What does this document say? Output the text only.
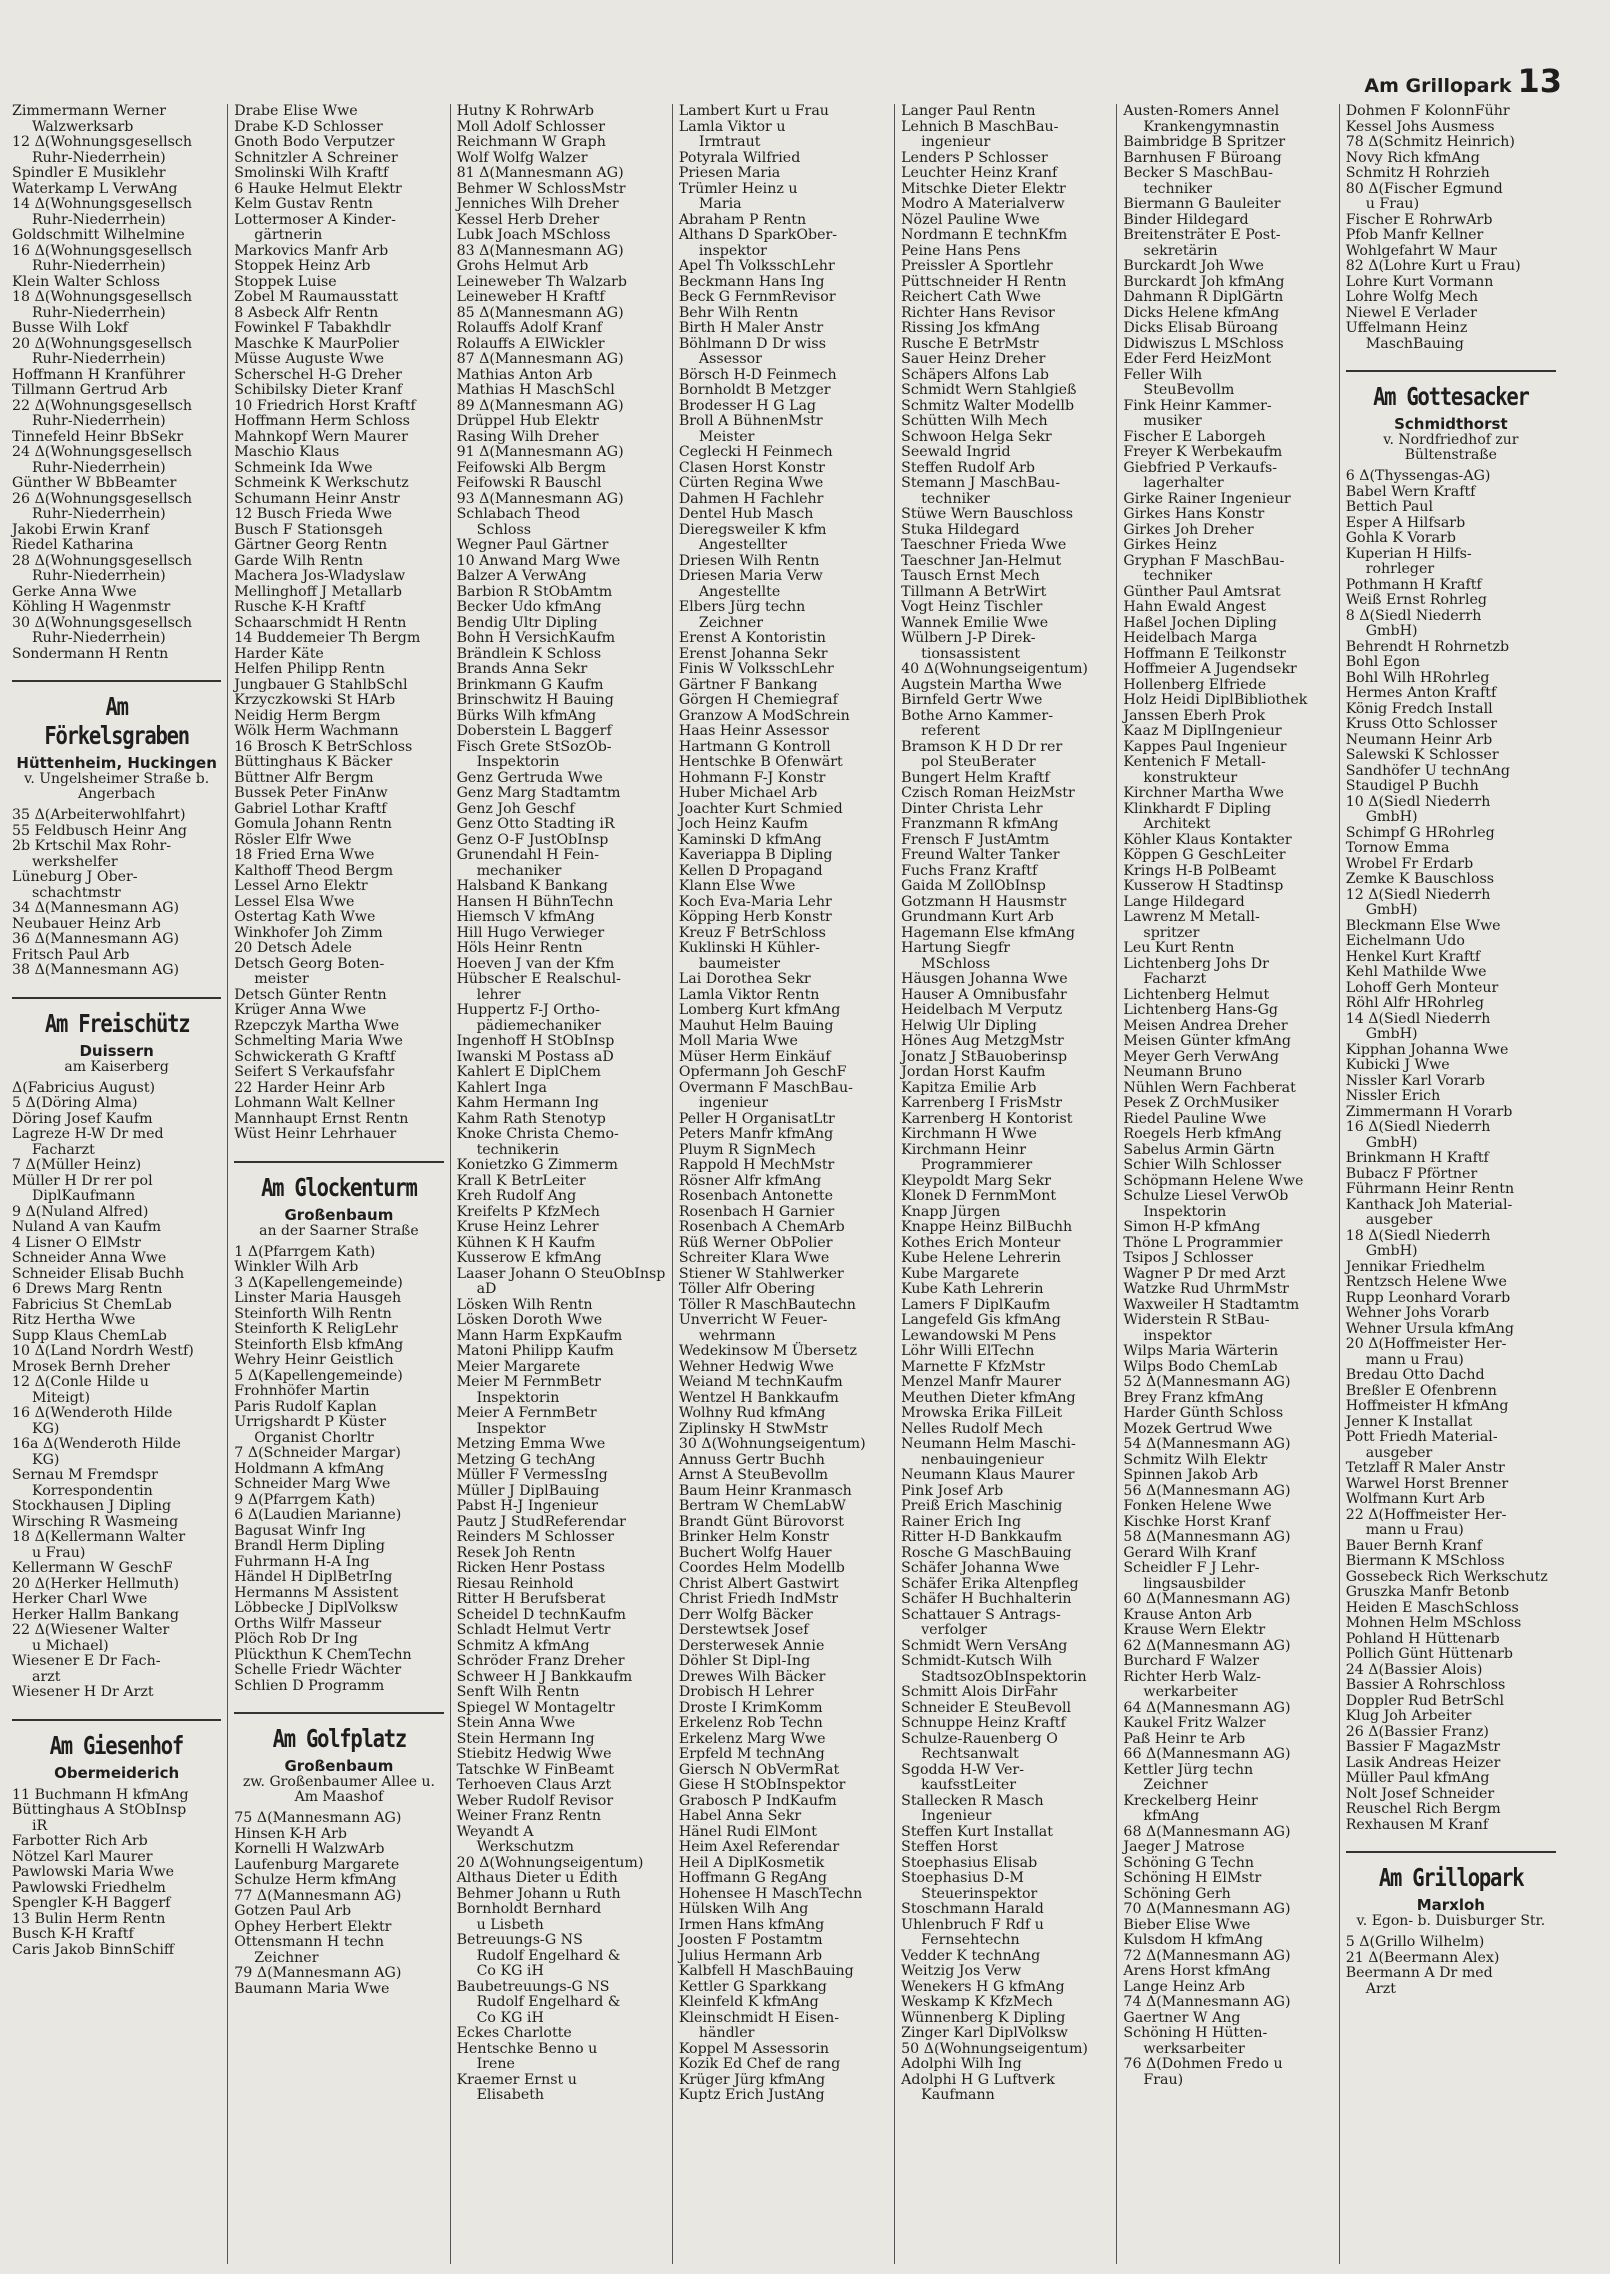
Am Grillopark 13
Zimmermann Werner
Walzwerksarb
12 Δ(Wohnungsgesellsch
Ruhr-Niederrhein)
Spindler E Musiklehr
Waterkamp L VerwAng
14 Δ(Wohnungsgesellsch
Ruhr-Niederrhein)
Goldschmitt Wilhelmine
16 Δ(Wohnungsgesellsch
Ruhr-Niederrhein)
Klein Walter Schloss
18 Δ(Wohnungsgesellsch
Ruhr-Niederrhein)
Busse Wilh Lokf
20 Δ(Wohnungsgesellsch
Ruhr-Niederrhein)
Hoffmann H Kranführer
Tillmann Gertrud Arb
22 Δ(Wohnungsgesellsch
Ruhr-Niederrhein)
Tinnefeld Heinr BbSekr
24 Δ(Wohnungsgesellsch
Ruhr-Niederrhein)
Günther W BbBeamter
26 Δ(Wohnungsgesellsch
Ruhr-Niederrhein)
Jakobi Erwin Kranf
Riedel Katharina
28 Δ(Wohnungsgesellsch
Ruhr-Niederrhein)
Gerke Anna Wwe
Köhling H Wagenmstr
30 Δ(Wohnungsgesellsch
Ruhr-Niederrhein)
Sondermann H Rentn
Am Förkelsgraben
Hüttenheim, Huckingen
v. Ungelsheimer Straße b.
Angerbach
35 Δ(Arbeiterwohlfahrt)
55 Feldbusch Heinr Ang
2b Krtschil Max Rohr-
werkshelfer
Lüneburg J Ober-
schachtmstr
34 Δ(Mannesmann AG)
Neubauer Heinz Arb
36 Δ(Mannesmann AG)
Fritsch Paul Arb
38 Δ(Mannesmann AG)
Am Freischütz
Duissern
am Kaiserberg
Δ(Fabricius August)
5 Δ(Döring Alma)
Döring Josef Kaufm
Lagreze H-W Dr med
Facharzt
7 Δ(Müller Heinz)
Müller H Dr rer pol
DiplKaufmann
9 Δ(Nuland Alfred)
Nuland A van Kaufm
4 Lisner O ElMstr
Schneider Anna Wwe
Schneider Elisab Buchh
6 Drews Marg Rentn
Fabricius St ChemLab
Ritz Hertha Wwe
Supp Klaus ChemLab
10 Δ(Land Nordrh Westf)
Mrosek Bernh Dreher
12 Δ(Conle Hilde u
Miteigt)
16 Δ(Wenderoth Hilde
KG)
16a Δ(Wenderoth Hilde
KG)
Sernau M Fremdspr
Korrespondentin
Stockhausen J Dipling
Wirsching R Wasmeing
18 Δ(Kellermann Walter
u Frau)
Kellermann W GeschF
20 Δ(Herker Hellmuth)
Herker Charl Wwe
Herker Hallm Bankang
22 Δ(Wiesener Walter
u Michael)
Wiesener E Dr Fach-
arzt
Wiesener H Dr Arzt
Am Giesenhof
Obermeiderich
11 Buchmann H kfmAng
Büttinghaus A StObInsp
iR
Farbotter Rich Arb
Nötzel Karl Maurer
Pawlowski Maria Wwe
Pawlowski Friedhelm
Spengler K-H Baggerf
13 Bulin Herm Rentn
Busch K-H Kraftf
Caris Jakob BinnSchiff
Drabe Elise Wwe
Drabe K-D Schlosser
Gnoth Bodo Verputzer
Schnitzler A Schreiner
Smolinski Wilh Kraftf
6 Hauke Helmut Elektr
Kelm Gustav Rentn
Lottermoser A Kinder-
gärtnerin
Markovics Manfr Arb
Stoppek Heinz Arb
Stoppek Luise
Zobel M Raumausstatt
8 Asbeck Alfr Rentn
Fowinkel F Tabakhdlr
Maschke K MaurPolier
Müsse Auguste Wwe
Scherschel H-G Dreher
Schibilsky Dieter Kranf
10 Friedrich Horst Kraftf
Hoffmann Herm Schloss
Mahnkopf Wern Maurer
Maschio Klaus
Schmeink Ida Wwe
Schmeink K Werkschutz
Schumann Heinr Anstr
12 Busch Frieda Wwe
Busch F Stationsgeh
Gärtner Georg Rentn
Garde Wilh Rentn
Machera Jos-Wladyslaw
Mellinghoff J Metallarb
Rusche K-H Kraftf
Schaarschmidt H Rentn
14 Buddemeier Th Bergm
Harder Käte
Helfen Philipp Rentn
Jungbauer G StahlbSchl
Krzyczkowski St HArb
Neidig Herm Bergm
Wölk Herm Wachmann
16 Brosch K BetrSchloss
Büttinghaus K Bäcker
Büttner Alfr Bergm
Bussek Peter FinAnw
Gabriel Lothar Kraftf
Gomula Johann Rentn
Rösler Elfr Wwe
18 Fried Erna Wwe
Kalthoff Theod Bergm
Lessel Arno Elektr
Lessel Elsa Wwe
Ostertag Kath Wwe
Winkhofer Joh Zimm
20 Detsch Adele
Detsch Georg Boten-
meister
Detsch Günter Rentn
Krüger Anna Wwe
Rzepczyk Martha Wwe
Schmelting Maria Wwe
Schwickerath G Kraftf
Seifert S Verkaufsfahr
22 Harder Heinr Arb
Lohmann Walt Kellner
Mannhaupt Ernst Rentn
Wüst Heinr Lehrhauer
Am Glockenturm
Großenbaum
an der Saarner Straße
1 Δ(Pfarrgem Kath)
Winkler Wilh Arb
3 Δ(Kapellengemeinde)
Linster Maria Hausgeh
Steinforth Wilh Rentn
Steinforth K ReligLehr
Steinforth Elsb kfmAng
Wehry Heinr Geistlich
5 Δ(Kapellengemeinde)
Frohnhöfer Martin
Paris Rudolf Kaplan
Urrigshardt P Küster
Organist Chorltr
7 Δ(Schneider Margar)
Holdmann A kfmAng
Schneider Marg Wwe
9 Δ(Pfarrgem Kath)
6 Δ(Laudien Marianne)
Bagusat Winfr Ing
Brandl Herm Dipling
Fuhrmann H-A Ing
Händel H DiplBetrIng
Hermanns M Assistent
Löbbecke J DiplVolksw
Orths Wilfr Masseur
Plöch Rob Dr Ing
Plückthun K ChemTechn
Schelle Friedr Wächter
Schlien D Programm
Am Golfplatz
Großenbaum
zw. Großenbaumer Allee u.
Am Maashof
75 Δ(Mannesmann AG)
Hinsen K-H Arb
Kornelli H WalzwArb
Laufenburg Margarete
Schulze Herm kfmAng
77 Δ(Mannesmann AG)
Gotzen Paul Arb
Ophey Herbert Elektr
Ottensmann H techn
Zeichner
79 Δ(Mannesmann AG)
Baumann Maria Wwe
Hutny K RohrwArb
Moll Adolf Schlosser
Reichmann W Graph
Wolf Wolfg Walzer
81 Δ(Mannesmann AG)
Behmer W SchlossMstr
Jenniches Wilh Dreher
Kessel Herb Dreher
Lubk Joach MSchloss
83 Δ(Mannesmann AG)
Grohs Helmut Arb
Leineweber Th Walzarb
Leineweber H Kraftf
85 Δ(Mannesmann AG)
Rolauffs Adolf Kranf
Rolauffs A ElWickler
87 Δ(Mannesmann AG)
Mathias Anton Arb
Mathias H MaschSchl
89 Δ(Mannesmann AG)
Drüppel Hub Elektr
Rasing Wilh Dreher
91 Δ(Mannesmann AG)
Feifowski Alb Bergm
Feifowski R Bauschl
93 Δ(Mannesmann AG)
Schlabach Theod
Schloss
Wegner Paul Gärtner
10 Anwand Marg Wwe
Balzer A VerwAng
Barbion R StObAmtm
Becker Udo kfmAng
Bendig Ultr Dipling
Bohn H VersichKaufm
Brändlein K Schloss
Brands Anna Sekr
Brinkmann G Kaufm
Brinschwitz H Bauing
Bürks Wilh kfmAng
Doberstein L Baggerf
Fisch Grete StSozOb-
Inspektorin
Genz Gertruda Wwe
Genz Marg Stadtamtm
Genz Joh Geschf
Genz Otto Stadting iR
Genz O-F JustObInsp
Grunendahl H Fein-
mechaniker
Halsband K Bankang
Hansen H BühnTechn
Hiemsch V kfmAng
Hill Hugo Verwieger
Höls Heinr Rentn
Hoeven J van der Kfm
Hübscher E Realschul-
lehrer
Huppertz F-J Ortho-
pädiemechaniker
Ingenhoff H StObInsp
Iwanski M Postass aD
Kahlert E DiplChem
Kahlert Inga
Kahm Hermann Ing
Kahm Rath Stenotyp
Knoke Christa Chemo-
technikerin
Konietzko G Zimmerm
Krall K BetrLeiter
Kreh Rudolf Ang
Kreifelts P KfzMech
Kruse Heinz Lehrer
Kühnen K H Kaufm
Kusserow E kfmAng
Laaser Johann O SteuObInsp
aD
Lösken Wilh Rentn
Lösken Doroth Wwe
Mann Harm ExpKaufm
Matoni Philipp Kaufm
Meier Margarete
Meier M FernmBetr
Inspektorin
Meier A FernmBetr
Inspektor
Metzing Emma Wwe
Metzing G techAng
Müller F VermessIng
Müller J DiplBauing
Pabst H-J Ingenieur
Pautz J StudReferendar
Reinders M Schlosser
Resek Joh Rentn
Ricken Henr Postass
Riesau Reinhold
Ritter H Berufsberat
Scheidel D technKaufm
Schladt Helmut Vertr
Schmitz A kfmAng
Schröder Franz Dreher
Schweer H J Bankkaufm
Senft Wilh Rentn
Spiegel W Montageltr
Stein Anna Wwe
Stein Hermann Ing
Stiebitz Hedwig Wwe
Tatschke W FinBeamt
Terhoeven Claus Arzt
Weber Rudolf Revisor
Weiner Franz Rentn
Weyandt A
Werkschutzm
20 Δ(Wohnungseigentum)
Althaus Dieter u Edith
Behmer Johann u Ruth
Bornholdt Bernhard
u Lisbeth
Betreuungs-G NS
Rudolf Engelhard &
Co KG iH
Baubetreuungs-G NS
Rudolf Engelhard &
Co KG iH
Eckes Charlotte
Hentschke Benno u
Irene
Kraemer Ernst u
Elisabeth
Lambert Kurt u Frau
Lamla Viktor u
Irmtraut
Potyrala Wilfried
Priesen Maria
Trümler Heinz u
Maria
Abraham P Rentn
Althans D SparkOber-
inspektor
Apel Th VolksschLehr
Beckmann Hans Ing
Beck G FernmRevisor
Behr Wilh Rentn
Birth H Maler Anstr
Böhlmann D Dr wiss
Assessor
Börsch H-D Feinmech
Bornholdt B Metzger
Brodesser H G Lag
Broll A BühnenMstr
Meister
Ceglecki H Feinmech
Clasen Horst Konstr
Cürten Regina Wwe
Dahmen H Fachlehr
Dentel Hub Masch
Dieregsweiler K kfm
Angestellter
Driesen Wilh Rentn
Driesen Maria Verw
Angestellte
Elbers Jürg techn
Zeichner
Erenst A Kontoristin
Erenst Johanna Sekr
Finis W VolksschLehr
Gärtner F Bankang
Görgen H Chemiegraf
Granzow A ModSchrein
Haas Heinr Assessor
Hartmann G Kontroll
Hentschke B Ofenwärt
Hohmann F-J Konstr
Huber Michael Arb
Joachter Kurt Schmied
Joch Heinz Kaufm
Kaminski D kfmAng
Kaveriappa B Dipling
Kellen D Propagand
Klann Else Wwe
Koch Eva-Maria Lehr
Köpping Herb Konstr
Kreuz F BetrSchloss
Kuklinski H Kühler-
baumeister
Lai Dorothea Sekr
Lamla Viktor Rentn
Lomberg Kurt kfmAng
Mauhut Helm Bauing
Moll Maria Wwe
Müser Herm Einkäuf
Opfermann Joh GeschF
Overmann F MaschBau-
ingenieur
Peller H OrganisatLtr
Peters Manfr kfmAng
Pluym R SignMech
Rappold H MechMstr
Rösner Alfr kfmAng
Rosenbach Antonette
Rosenbach H Garnier
Rosenbach A ChemArb
Rüß Werner ObPolier
Schreiter Klara Wwe
Stiener W Stahlwerker
Töller Alfr Obering
Töller R MaschBautechn
Unverricht W Feuer-
wehrmann
Wedekinsow M Übersetz
Wehner Hedwig Wwe
Weiand M technKaufm
Wentzel H Bankkaufm
Wolhny Rud kfmAng
Ziplinsky H StwMstr
30 Δ(Wohnungseigentum)
Annuss Gertr Buchh
Arnst A SteuBevollm
Baum Heinr Kranmasch
Bertram W ChemLabW
Brandt Günt Bürovorst
Brinker Helm Konstr
Buchert Wolfg Hauer
Coordes Helm Modellb
Christ Albert Gastwirt
Christ Friedh IndMstr
Derr Wolfg Bäcker
Derstewtsek Josef
Dersterwesek Annie
Döhler St Dipl-Ing
Drewes Wilh Bäcker
Drobisch H Lehrer
Droste I KrimKomm
Erkelenz Rob Techn
Erkelenz Marg Wwe
Erpfeld M technAng
Giersch N ObVermRat
Giese H StObInspektor
Grabosch P IndKaufm
Habel Anna Sekr
Hänel Rudi ElMont
Heim Axel Referendar
Heil A DiplKosmetik
Hoffmann G RegAng
Hohensee H MaschTechn
Hülsken Wilh Ang
Irmen Hans kfmAng
Joosten F Postamtm
Julius Hermann Arb
Kalbfell H MaschBauing
Kettler G Sparkkang
Kleinfeld K kfmAng
Kleinschmidt H Eisen-
händler
Koppel M Assessorin
Kozik Ed Chef de rang
Krüger Jürg kfmAng
Kuptz Erich JustAng
Langer Paul Rentn
Lehnich B MaschBau-
ingenieur
Lenders P Schlosser
Leuchter Heinz Kranf
Mitschke Dieter Elektr
Modro A Materialverw
Nözel Pauline Wwe
Nordmann E technKfm
Peine Hans Pens
Preissler A Sportlehr
Püttschneider H Rentn
Reichert Cath Wwe
Richter Hans Revisor
Rissing Jos kfmAng
Rusche E BetrMstr
Sauer Heinz Dreher
Schäpers Alfons Lab
Schmidt Wern Stahlgieß
Schmitz Walter Modellb
Schütten Wilh Mech
Schwoon Helga Sekr
Seewald Ingrid
Steffen Rudolf Arb
Stemann J MaschBau-
techniker
Stüwe Wern Bauschloss
Stuka Hildegard
Taeschner Frieda Wwe
Taeschner Jan-Helmut
Tausch Ernst Mech
Tillmann A BetrWirt
Vogt Heinz Tischler
Wannek Emilie Wwe
Wülbern J-P Direk-
tionsassistent
40 Δ(Wohnungseigentum)
Augstein Martha Wwe
Birnfeld Gertr Wwe
Bothe Arno Kammer-
referent
Bramson K H D Dr rer
pol SteuBerater
Bungert Helm Kraftf
Czisch Roman HeizMstr
Dinter Christa Lehr
Franzmann R kfmAng
Frensch F JustAmtm
Freund Walter Tanker
Fuchs Franz Kraftf
Gaida M ZollObInsp
Gotzmann H Hausmstr
Grundmann Kurt Arb
Hagemann Else kfmAng
Hartung Siegfr
MSchloss
Häusgen Johanna Wwe
Hauser A Omnibusfahr
Heidelbach M Verputz
Helwig Ulr Dipling
Hönes Aug MetzgMstr
Jonatz J StBauoberinsp
Jordan Horst Kaufm
Kapitza Emilie Arb
Karrenberg I FrisMstr
Karrenberg H Kontorist
Kirchmann H Wwe
Kirchmann Heinr
Programmierer
Kleypoldt Marg Sekr
Klonek D FernmMont
Knapp Jürgen
Knappe Heinz BilBuchh
Kothes Erich Monteur
Kube Helene Lehrerin
Kube Margarete
Kube Kath Lehrerin
Lamers F DiplKaufm
Langefeld Gis kfmAng
Lewandowski M Pens
Löhr Willi ElTechn
Marnette F KfzMstr
Menzel Manfr Maurer
Meuthen Dieter kfmAng
Mrowska Erika FilLeit
Nelles Rudolf Mech
Neumann Helm Maschi-
nenbauingenieur
Neumann Klaus Maurer
Pink Josef Arb
Preiß Erich Maschinig
Rainer Erich Ing
Ritter H-D Bankkaufm
Rosche G MaschBauing
Schäfer Johanna Wwe
Schäfer Erika Altenpfleg
Schäfer H Buchhalterin
Schattauer S Antrags-
verfolger
Schmidt Wern VersAng
Schmidt-Kutsch Wilh
StadtsozObInspektorin
Schmitt Alois DirFahr
Schneider E SteuBevoll
Schnuppe Heinz Kraftf
Schulze-Rauenberg O
Rechtsanwalt
Sgodda H-W Ver-
kaufsstLeiter
Stallecken R Masch
Ingenieur
Steffen Kurt Installat
Steffen Horst
Stoephasius Elisab
Stoephasius D-M
Steuerinspektor
Stoschmann Harald
Uhlenbruch F Rdf u
Fernsehtechn
Vedder K technAng
Weitzig Jos Verw
Wenekers H G kfmAng
Weskamp K KfzMech
Wünnenberg K Dipling
Zinger Karl DiplVolksw
50 Δ(Wohnungseigentum)
Adolphi Wilh Ing
Adolphi H G Luftverk
Kaufmann
Austen-Romers Annel
Krankengymnastin
Baimbridge B Spritzer
Barnhusen F Büroang
Becker S MaschBau-
techniker
Biermann G Bauleiter
Binder Hildegard
Breitensträter E Post-
sekretärin
Burckardt Joh Wwe
Burckardt Joh kfmAng
Dahmann R DiplGärtn
Dicks Helene kfmAng
Dicks Elisab Büroang
Didwiszus L MSchloss
Eder Ferd HeizMont
Feller Wilh
SteuBevollm
Fink Heinr Kammer-
musiker
Fischer E Laborgeh
Freyer K Werbekaufm
Giebfried P Verkaufs-
lagerhalter
Girke Rainer Ingenieur
Girkes Hans Konstr
Girkes Joh Dreher
Girkes Heinz
Gryphan F MaschBau-
techniker
Günther Paul Amtsrat
Hahn Ewald Angest
Haßel Jochen Dipling
Heidelbach Marga
Hoffmann E Teilkonstr
Hoffmeier A Jugendsekr
Hollenberg Elfriede
Holz Heidi DiplBibliothek
Janssen Eberh Prok
Kaaz M DiplIngenieur
Kappes Paul Ingenieur
Kentenich F Metall-
konstrukteur
Kirchner Martha Wwe
Klinkhardt F Dipling
Architekt
Köhler Klaus Kontakter
Köppen G GeschLeiter
Krings H-B PolBeamt
Kusserow H Stadtinsp
Lange Hildegard
Lawrenz M Metall-
spritzer
Leu Kurt Rentn
Lichtenberg Johs Dr
Facharzt
Lichtenberg Helmut
Lichtenberg Hans-Gg
Meisen Andrea Dreher
Meisen Günter kfmAng
Meyer Gerh VerwAng
Neumann Bruno
Nühlen Wern Fachberat
Pesek Z OrchMusiker
Riedel Pauline Wwe
Roegels Herb kfmAng
Sabelus Armin Gärtn
Schier Wilh Schlosser
Schöpmann Helene Wwe
Schulze Liesel VerwOb
Inspektorin
Simon H-P kfmAng
Thöne L Programmier
Tsipos J Schlosser
Wagner P Dr med Arzt
Watzke Rud UhrmMstr
Waxweiler H Stadtamtm
Widerstein R StBau-
inspektor
Wilps Maria Wärterin
Wilps Bodo ChemLab
52 Δ(Mannesmann AG)
Brey Franz kfmAng
Harder Günth Schloss
Mozek Gertrud Wwe
54 Δ(Mannesmann AG)
Schmitz Wilh Elektr
Spinnen Jakob Arb
56 Δ(Mannesmann AG)
Fonken Helene Wwe
Kischke Horst Kranf
58 Δ(Mannesmann AG)
Gerard Wilh Kranf
Scheidler F J Lehr-
lingsausbilder
60 Δ(Mannesmann AG)
Krause Anton Arb
Krause Wern Elektr
62 Δ(Mannesmann AG)
Burchard F Walzer
Richter Herb Walz-
werkarbeiter
64 Δ(Mannesmann AG)
Kaukel Fritz Walzer
Paß Heinr te Arb
66 Δ(Mannesmann AG)
Kettler Jürg techn
Zeichner
Kreckelberg Heinr
kfmAng
68 Δ(Mannesmann AG)
Jaeger J Matrose
Schöning G Techn
Schöning H ElMstr
Schöning Gerh
70 Δ(Mannesmann AG)
Bieber Elise Wwe
Kulsdom H kfmAng
72 Δ(Mannesmann AG)
Arens Horst kfmAng
Lange Heinz Arb
74 Δ(Mannesmann AG)
Gaertner W Ang
Schöning H Hütten-
werksarbeiter
76 Δ(Dohmen Fredo u
Frau)
Dohmen F KolonnFühr
Kessel Johs Ausmess
78 Δ(Schmitz Heinrich)
Novy Rich kfmAng
Schmitz H Rohrzieh
80 Δ(Fischer Egmund
u Frau)
Fischer E RohrwArb
Pfob Manfr Kellner
Wohlgefahrt W Maur
82 Δ(Lohre Kurt u Frau)
Lohre Kurt Vormann
Lohre Wolfg Mech
Niewel E Verlader
Uffelmann Heinz
MaschBauing
Am Gottesacker
Schmidthorst
v. Nordfriedhof zur
Bültenstraße
6 Δ(Thyssengas-AG)
Babel Wern Kraftf
Bettich Paul
Esper A Hilfsarb
Gohla K Vorarb
Kuperian H Hilfs-
rohrleger
Pothmann H Kraftf
Weiß Ernst Rohrleg
8 Δ(Siedl Niederrh
GmbH)
Behrendt H Rohrnetzb
Bohl Egon
Bohl Wilh HRohrleg
Hermes Anton Kraftf
König Fredch Install
Kruss Otto Schlosser
Neumann Heinr Arb
Salewski K Schlosser
Sandhöfer U technAng
Staudigel P Buchh
10 Δ(Siedl Niederrh
GmbH)
Schimpf G HRohrleg
Tornow Emma
Wrobel Fr Erdarb
Zemke K Bauschloss
12 Δ(Siedl Niederrh
GmbH)
Bleckmann Else Wwe
Eichelmann Udo
Henkel Kurt Kraftf
Kehl Mathilde Wwe
Lohoff Gerh Monteur
Röhl Alfr HRohrleg
14 Δ(Siedl Niederrh
GmbH)
Kipphan Johanna Wwe
Kubicki J Wwe
Nissler Karl Vorarb
Nissler Erich
Zimmermann H Vorarb
16 Δ(Siedl Niederrh
GmbH)
Brinkmann H Kraftf
Bubacz F Pförtner
Führmann Heinr Rentn
Kanthack Joh Material-
ausgeber
18 Δ(Siedl Niederrh
GmbH)
Jennikar Friedhelm
Rentzsch Helene Wwe
Rupp Leonhard Vorarb
Wehner Johs Vorarb
Wehner Ursula kfmAng
20 Δ(Hoffmeister Her-
mann u Frau)
Bredau Otto Dachd
Breßler E Ofenbrenn
Hoffmeister H kfmAng
Jenner K Installat
Pott Friedh Material-
ausgeber
Tetzlaff R Maler Anstr
Warwel Horst Brenner
Wolfmann Kurt Arb
22 Δ(Hoffmeister Her-
mann u Frau)
Bauer Bernh Kranf
Biermann K MSchloss
Gossebeck Rich Werkschutz
Gruszka Manfr Betonb
Heiden E MaschSchloss
Mohnen Helm MSchloss
Pohland H Hüttenarb
Pollich Günt Hüttenarb
24 Δ(Bassier Alois)
Bassier A Rohrschloss
Doppler Rud BetrSchl
Klug Joh Arbeiter
26 Δ(Bassier Franz)
Bassier F MagazMstr
Lasik Andreas Heizer
Müller Paul kfmAng
Nolt Josef Schneider
Reuschel Rich Bergm
Rexhausen M Kranf
Am Grillopark
Marxloh
v. Egon- b. Duisburger Str.
5 Δ(Grillo Wilhelm)
21 Δ(Beermann Alex)
Beermann A Dr med
Arzt
